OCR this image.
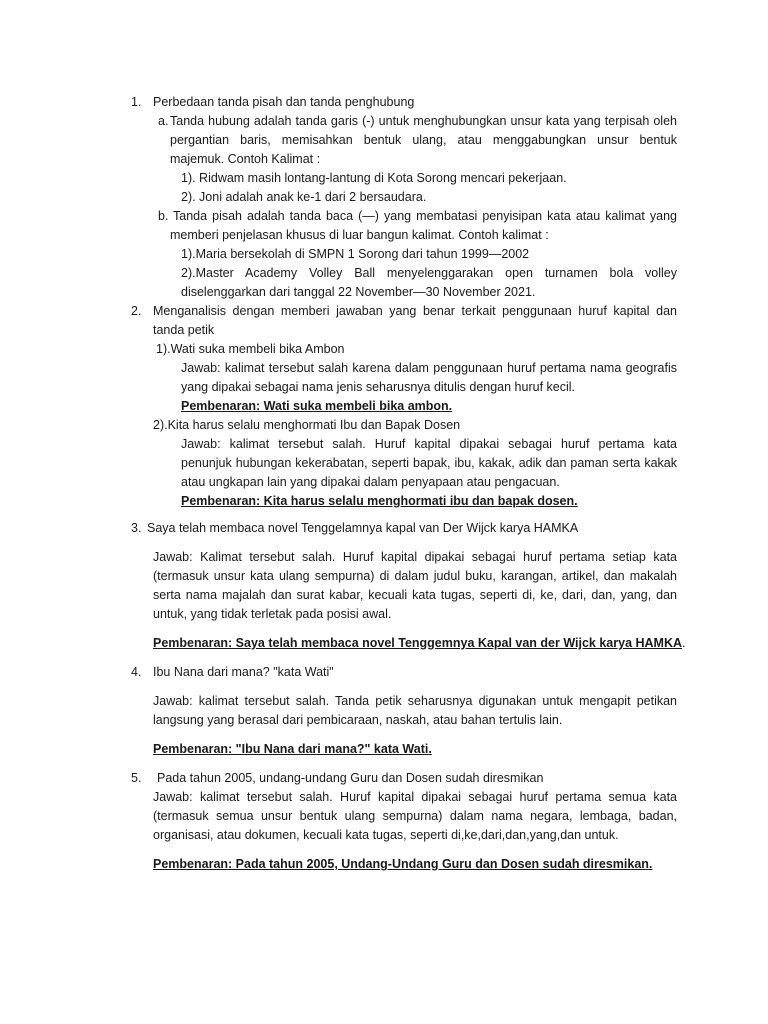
1. Perbedaan tanda pisah dan tanda penghubung
a. Tanda hubung adalah tanda garis (-) untuk menghubungkan unsur kata yang terpisah oleh
pergantian baris, memisahkan bentuk ulang, atau menggabungkan unsur bentuk
majemuk. Contoh Kalimat :
1). Ridwam masih lontang-lantung di Kota Sorong mencari pekerjaan.
2). Joni adalah anak ke-1 dari 2 bersaudara.
b. Tanda pisah adalah tanda baca (—) yang membatasi penyisipan kata atau kalimat yang
memberi penjelasan khusus di luar bangun kalimat. Contoh kalimat :
1).Maria bersekolah di SMPN 1 Sorong dari tahun 1999—2002
2).Master Academy Volley Ball menyelenggarakan open turnamen bola volley
diselenggarkan dari tanggal 22 November—30 November 2021.
2. Menganalisis dengan memberi jawaban yang benar terkait penggunaan huruf kapital dan
tanda petik
1).Wati suka membeli bika Ambon
Jawab: kalimat tersebut salah karena dalam penggunaan huruf pertama nama geografis
yang dipakai sebagai nama jenis seharusnya ditulis dengan huruf kecil.
Pembenaran: Wati suka membeli bika ambon.
2).Kita harus selalu menghormati Ibu dan Bapak Dosen
Jawab: kalimat tersebut salah. Huruf kapital dipakai sebagai huruf pertama kata
penunjuk hubungan kekerabatan, seperti bapak, ibu, kakak, adik dan paman serta kakak
atau ungkapan lain yang dipakai dalam penyapaan atau pengacuan.
Pembenaran: Kita harus selalu menghormati ibu dan bapak dosen.
3. Saya telah membaca novel Tenggelamnya kapal van Der Wijck karya HAMKA
Jawab: Kalimat tersebut salah. Huruf kapital dipakai sebagai huruf pertama setiap kata
(termasuk unsur kata ulang sempurna) di dalam judul buku, karangan, artikel, dan makalah
serta nama majalah dan surat kabar, kecuali kata tugas, seperti di, ke, dari, dan, yang, dan
untuk, yang tidak terletak pada posisi awal.
Pembenaran: Saya telah membaca novel Tenggemnya Kapal van der Wijck karya HAMKA.
4. Ibu Nana dari mana? "kata Wati"
Jawab: kalimat tersebut salah. Tanda petik seharusnya digunakan untuk mengapit petikan
langsung yang berasal dari pembicaraan, naskah, atau bahan tertulis lain.
Pembenaran: "Ibu Nana dari mana?" kata Wati.
5. Pada tahun 2005, undang-undang Guru dan Dosen sudah diresmikan
Jawab: kalimat tersebut salah. Huruf kapital dipakai sebagai huruf pertama semua kata
(termasuk semua unsur bentuk ulang sempurna) dalam nama negara, lembaga, badan,
organisasi, atau dokumen, kecuali kata tugas, seperti di,ke,dari,dan,yang,dan untuk.
Pembenaran: Pada tahun 2005, Undang-Undang Guru dan Dosen sudah diresmikan.
